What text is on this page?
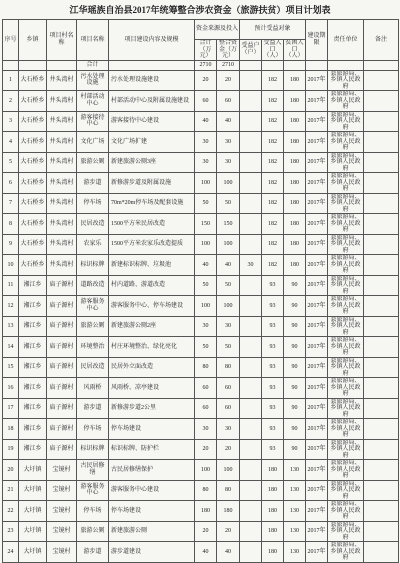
江华瑶族自治县2017年统筹整合涉农资金（旅游扶贫）项目计划表
序号	乡镇	项目村名称	项目名称	项目建设内容及规模	资金来源及投入		预计受益对象			建设期限	责任单位	备注
					合计（万元）	整合资金（万元）	受益户（户）	受益人口（人）	贫困人口（人）			
			合计		2710	2710						
1	大石桥乡	井头湾村	污水处理设施	污水处理设施建设	20	20		182	180	2017年	县旅游局、乡镇人民政府	
2	大石桥乡	井头湾村	村部活动中心	村部活动中心及附属设施建设	60	60		182	180	2017年	县旅游局、乡镇人民政府	
3	大石桥乡	井头湾村	游客接待中心	游客接待中心建设	40	40		182	180	2017年	县旅游局、乡镇人民政府	
4	大石桥乡	井头湾村	文化广场	文化广场扩建	30	30		182	180	2017年	县旅游局、乡镇人民政府	
5	大石桥乡	井头湾村	旅游公厕	新建旅游公厕3座	30	30		182	180	2017年	县旅游局、乡镇人民政府	
6	大石桥乡	井头湾村	游步道	新修游步道及附属设施	100	100		182	180	2017年	县旅游局、乡镇人民政府	
7	大石桥乡	井头湾村	停车场	70m*20m停车场及配套设施	50	50		182	180	2017年	县旅游局、乡镇人民政府	
8	大石桥乡	井头湾村	民居改造	1500平方米民居改造	150	150		182	180	2017年	县旅游局、乡镇人民政府	
9	大石桥乡	井头湾村	农家乐	1500平方米农家乐改造提质	100	100		182	180	2017年	县旅游局、乡镇人民政府	
10	大石桥乡	井头湾村	标识标牌	新建标识标牌、垃圾池	40	40	30	182	180	2017年	县旅游局、乡镇人民政府	
11	湘江乡	庙子源村	道路改造	村内道路、游道改造	50	50		93	90	2017年	县旅游局、乡镇人民政府	
12	湘江乡	庙子源村	游客服务中心	游客服务中心、停车场建设	100	100		93	90	2017年	县旅游局、乡镇人民政府	
13	湘江乡	庙子源村	旅游公厕	新建旅游公厕2座	30	30		93	90	2017年	县旅游局、乡镇人民政府	
14	湘江乡	庙子源村	环境整治	村庄环境整治、绿化亮化	50	50		93	90	2017年	县旅游局、乡镇人民政府	
15	湘江乡	庙子源村	民居改造	民居外立面改造	80	80		93	90	2017年	县旅游局、乡镇人民政府	
16	湘江乡	庙子源村	风雨桥	风雨桥、凉亭建设	60	60		93	90	2017年	县旅游局、乡镇人民政府	
17	湘江乡	庙子源村	游步道	新修游步道2公里	60	60		93	90	2017年	县旅游局、乡镇人民政府	
18	湘江乡	庙子源村	停车场	停车场建设	30	30		93	90	2017年	县旅游局、乡镇人民政府	
19	湘江乡	庙子源村	标识标牌	标识标牌、防护栏	20	20		93	90	2017年	县旅游局、乡镇人民政府	
20	大圩镇	宝镜村	古民居修缮	古民居修缮保护	100	100		180	130	2017年	县旅游局、乡镇人民政府	
21	大圩镇	宝镜村	游客服务中心	游客服务中心建设	80	80		180	130	2017年	县旅游局、乡镇人民政府	
22	大圩镇	宝镜村	停车场	停车场建设	180	180		180	130	2017年	县旅游局、乡镇人民政府	
23	大圩镇	宝镜村	旅游公厕	新建旅游公厕	20	20		180	130	2017年	县旅游局、乡镇人民政府	
24	大圩镇	宝镜村	游步道	游步道建设	40	40		180	130	2017年	县旅游局、乡镇人民政府	
